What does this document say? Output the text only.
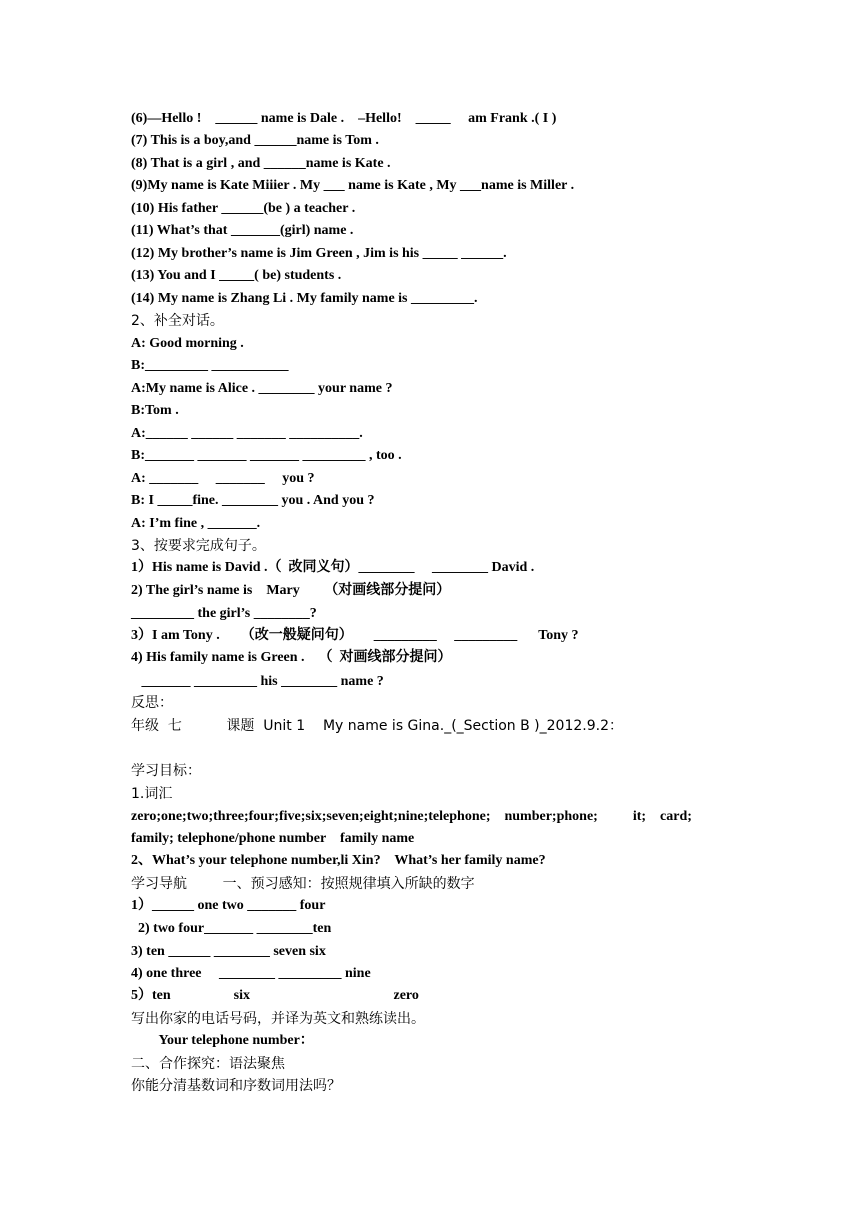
(6)—Hello !    ______ name is Dale .    –Hello!    _____     am Frank .( I )
(7) This is a boy,and ______name is Tom .
(8) That is a girl , and ______name is Kate .
(9)My name is Kate Miiier . My ___ name is Kate , My ___name is Miller .
(10) His father ______(be ) a teacher .
(11) What’s that _______(girl) name .
(12) My brother’s name is Jim Green , Jim is his _____ ______.
(13) You and I _____( be) students .
(14) My name is Zhang Li . My family name is _________.
2、补全对话。
A: Good morning .
B:_________ ___________
A:My name is Alice . ________ your name ?
B:Tom .
A:______ ______ _______ __________.
B:_______ _______ _______ _________ , too .
A: _______     _______     you ?
B: I _____fine. ________ you . And you ?
A: I’m fine , _______.
3、按要求完成句子。
1）His name is David .（  改同义句）________     ________ David .
2) The girl’s name is    Mary       （对画线部分提问）
_________ the girl’s ________?
3）I am Tony .      （改一般疑问句）      _________     _________      Tony ?
4) His family name is Green .    （  对画线部分提问）
_______ _________ his ________ name ?
反思：
年级  七          课题  Unit 1    My name is Gina._(_Section B )_2012.9.2：
学习目标：
1.词汇
zero;one;two;three;four;five;six;seven;eight;nine;telephone;    number;phone;          it;    card;
family; telephone/phone number    family name
2、What’s your telephone number,li Xin?    What’s her family name?
学习导航        一、预习感知：按照规律填入所缺的数字
1）______ one two _______ four
2) two four_______ ________ten
3) ten ______ ________ seven six
4) one three     ________ _________ nine
5）ten                  six                                         zero
写出你家的电话号码，并译为英文和熟练读出。
Your telephone number：
二、合作探究：语法聚焦
你能分清基数词和序数词用法吗？
